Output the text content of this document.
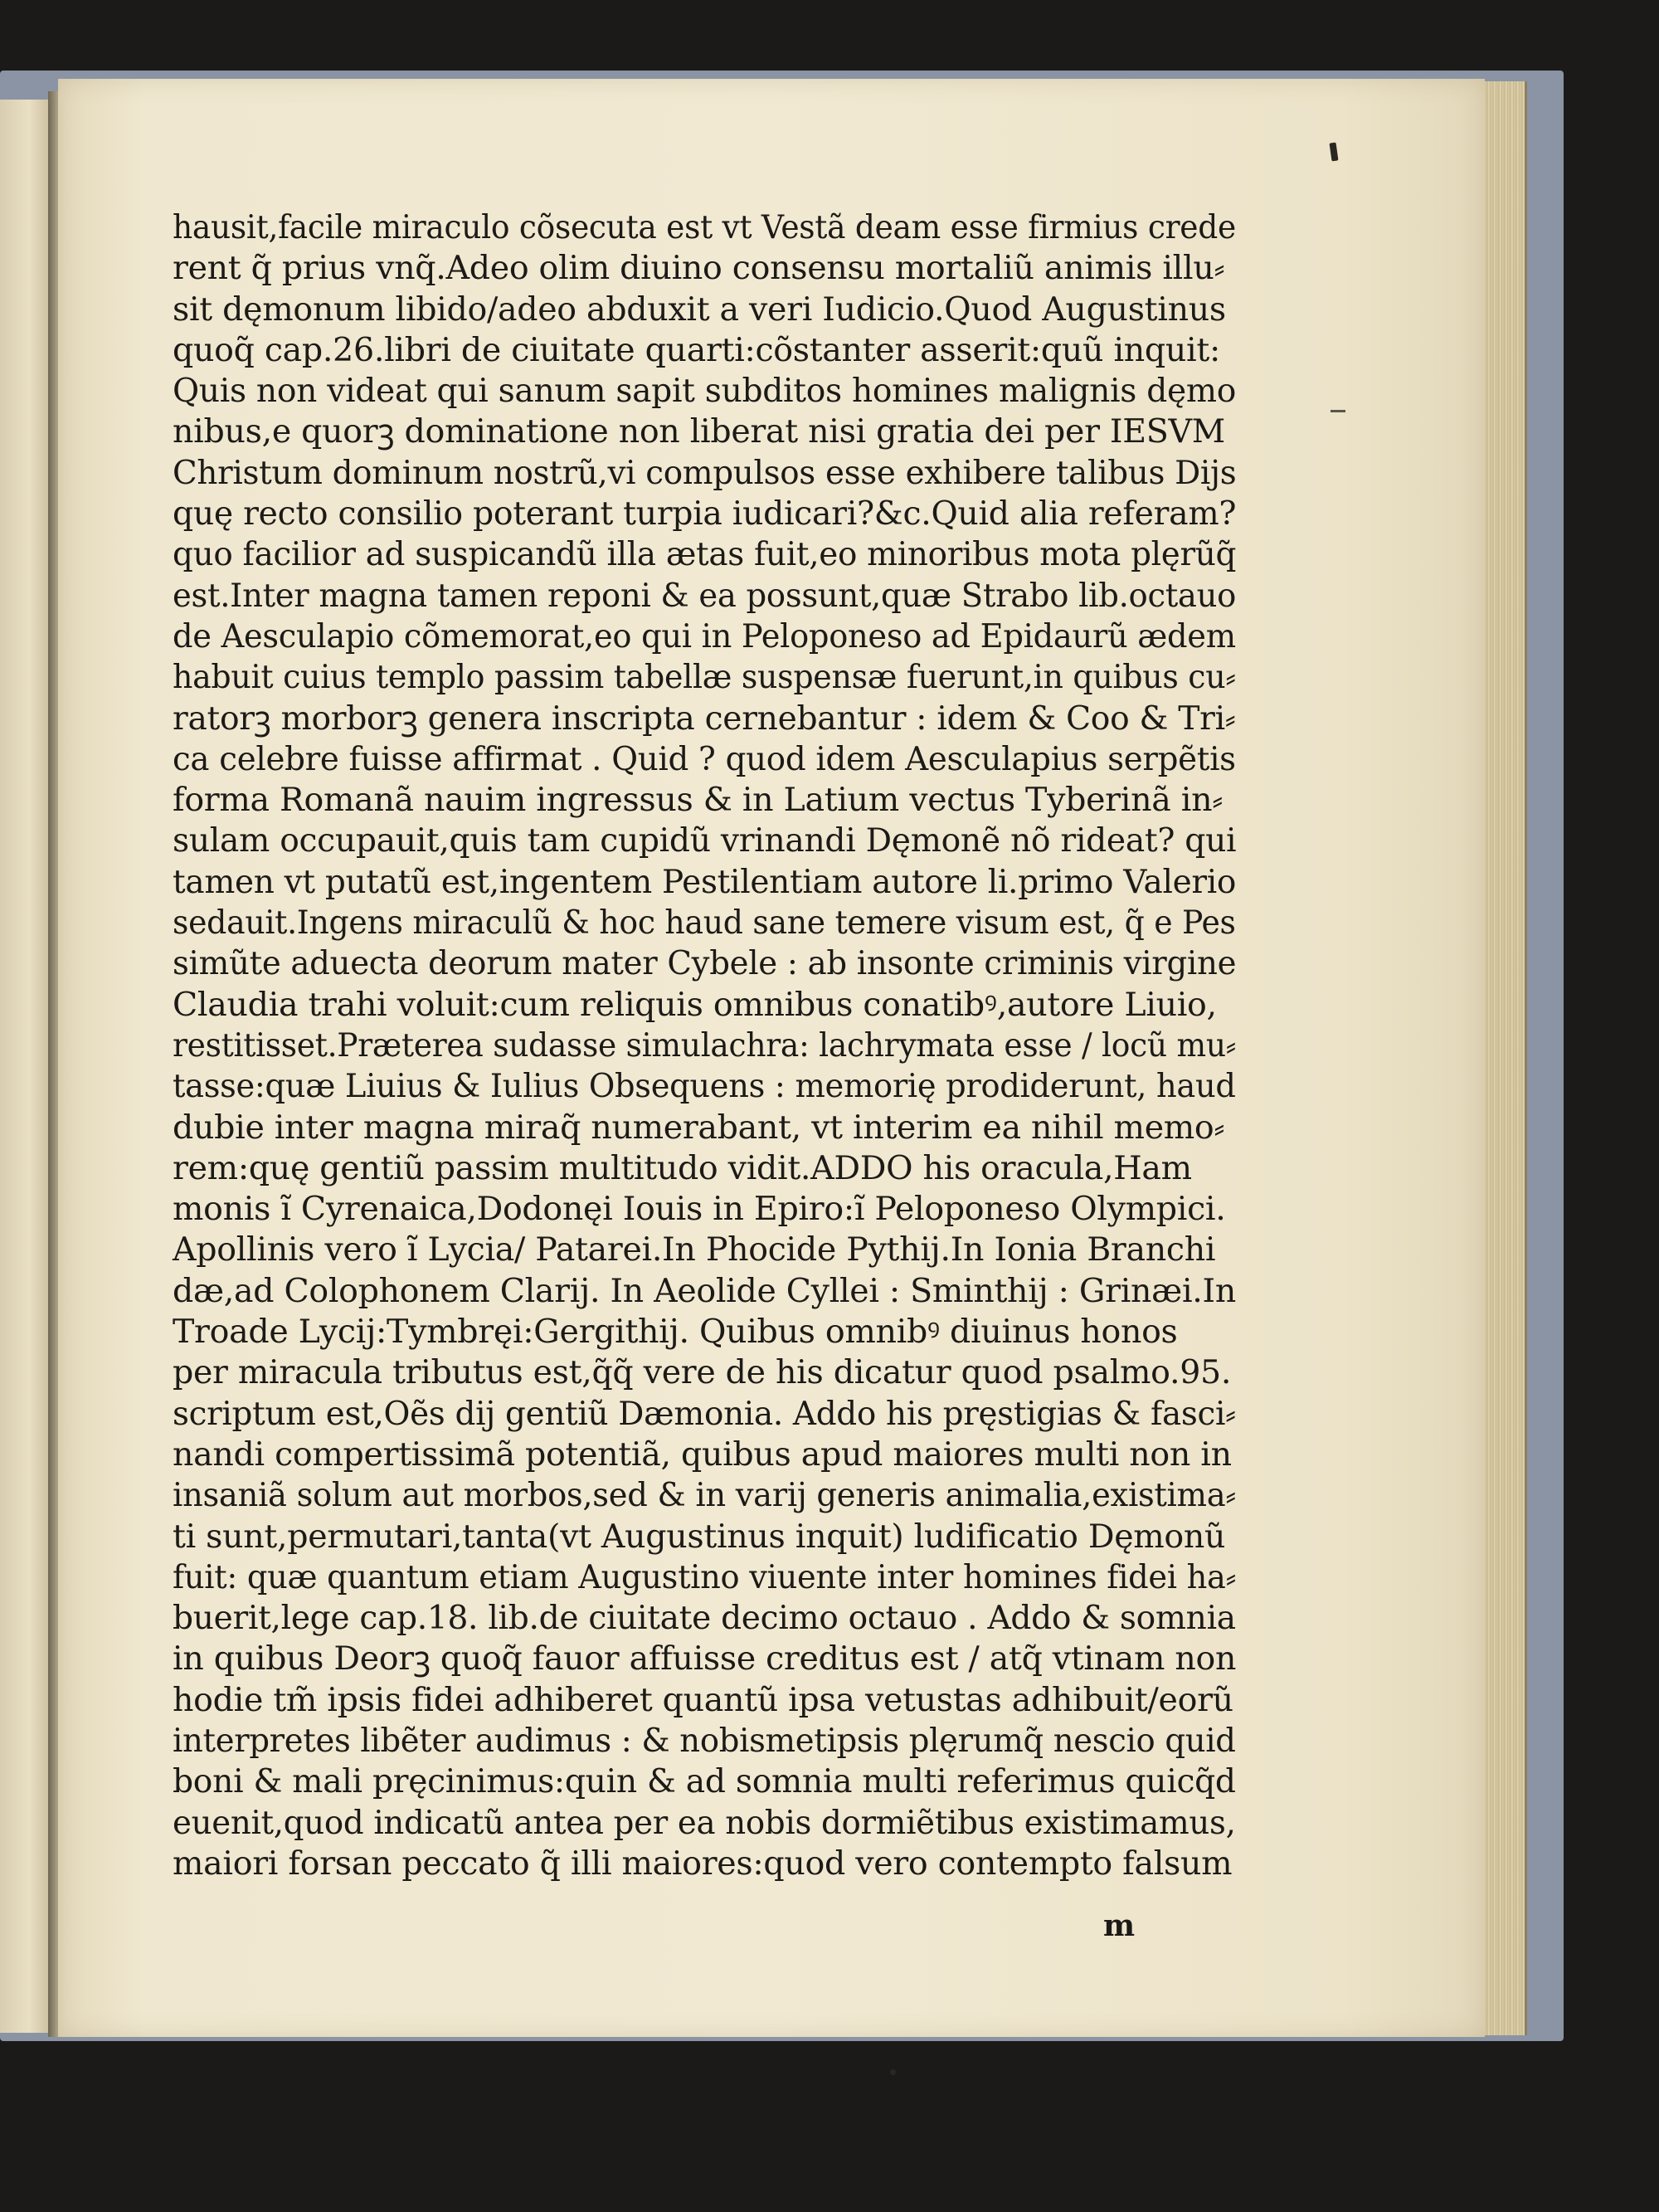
hausit,facile miraculo cõsecuta est vt Vestã deam esse firmius crede
rent q̃ prius vnq̃.Adeo olim diuino consensu mortaliũ animis illu⸗
sit dęmonum libido/adeo abduxit a veri Iudicio.Quod Augustinus
quoq̃ cap.26.libri de ciuitate quarti:cõstanter asserit:quũ inquit:
Quis non videat qui sanum sapit subditos homines malignis dęmo
nibus,e quorꝫ dominatione non liberat nisi gratia dei per IESVM
Christum dominum nostrũ,vi compulsos esse exhibere talibus Dijs
quę recto consilio poterant turpia iudicari?&c.Quid alia referam?
quo facilior ad suspicandũ illa ætas fuit,eo minoribus mota plęrũq̃
est.Inter magna tamen reponi & ea possunt,quæ Strabo lib.octauo
de Aesculapio cõmemorat,eo qui in Peloponeso ad Epidaurũ ædem
habuit cuius templo passim tabellæ suspensæ fuerunt,in quibus cu⸗
ratorꝫ morborꝫ genera inscripta cernebantur : idem & Coo & Tri⸗
ca celebre fuisse affirmat . Quid ? quod idem Aesculapius serpẽtis
forma Romanã nauim ingressus & in Latium vectus Tyberinã in⸗
sulam occupauit,quis tam cupidũ vrinandi Dęmonẽ nõ rideat? qui
tamen vt putatũ est,ingentem Pestilentiam autore li.primo Valerio
sedauit.Ingens miraculũ & hoc haud sane temere visum est, q̃ e Pes
simũte aduecta deorum mater Cybele : ab insonte criminis virgine
Claudia trahi voluit:cum reliquis omnibus conatibꝰ,autore Liuio,
restitisset.Præterea sudasse simulachra: lachrymata esse / locũ mu⸗
tasse:quæ Liuius & Iulius Obsequens : memorię prodiderunt, haud
dubie inter magna miraq̃ numerabant, vt interim ea nihil memo⸗
rem:quę gentiũ passim multitudo vidit.ADDO his oracula,Ham
monis ĩ Cyrenaica,Dodonęi Iouis in Epiro:ĩ Peloponeso Olympici.
Apollinis vero ĩ Lycia/ Patarei.In Phocide Pythij.In Ionia Branchi
dæ,ad Colophonem Clarij. In Aeolide Cyllei : Sminthij : Grinæi.In
Troade Lycij:Tymbręi:Gergithij. Quibus omnibꝰ diuinus honos
per miracula tributus est,q̃q̃ vere de his dicatur quod psalmo.95.
scriptum est,Oẽs dij gentiũ Dæmonia. Addo his pręstigias & fasci⸗
nandi compertissimã potentiã, quibus apud maiores multi non in
insaniã solum aut morbos,sed & in varij generis animalia,existima⸗
ti sunt,permutari,tanta(vt Augustinus inquit) ludificatio Dęmonũ
fuit: quæ quantum etiam Augustino viuente inter homines fidei ha⸗
buerit,lege cap.18. lib.de ciuitate decimo octauo . Addo & somnia
in quibus Deorꝫ quoq̃ fauor affuisse creditus est / atq̃ vtinam non
hodie tm̃ ipsis fidei adhiberet quantũ ipsa vetustas adhibuit/eorũ
interpretes libẽter audimus : & nobismetipsis plęrumq̃ nescio quid
boni & mali pręcinimus:quin & ad somnia multi referimus quicq̃d
euenit,quod indicatũ antea per ea nobis dormiẽtibus existimamus,
maiori forsan peccato q̃ illi maiores:quod vero contempto falsum
m
